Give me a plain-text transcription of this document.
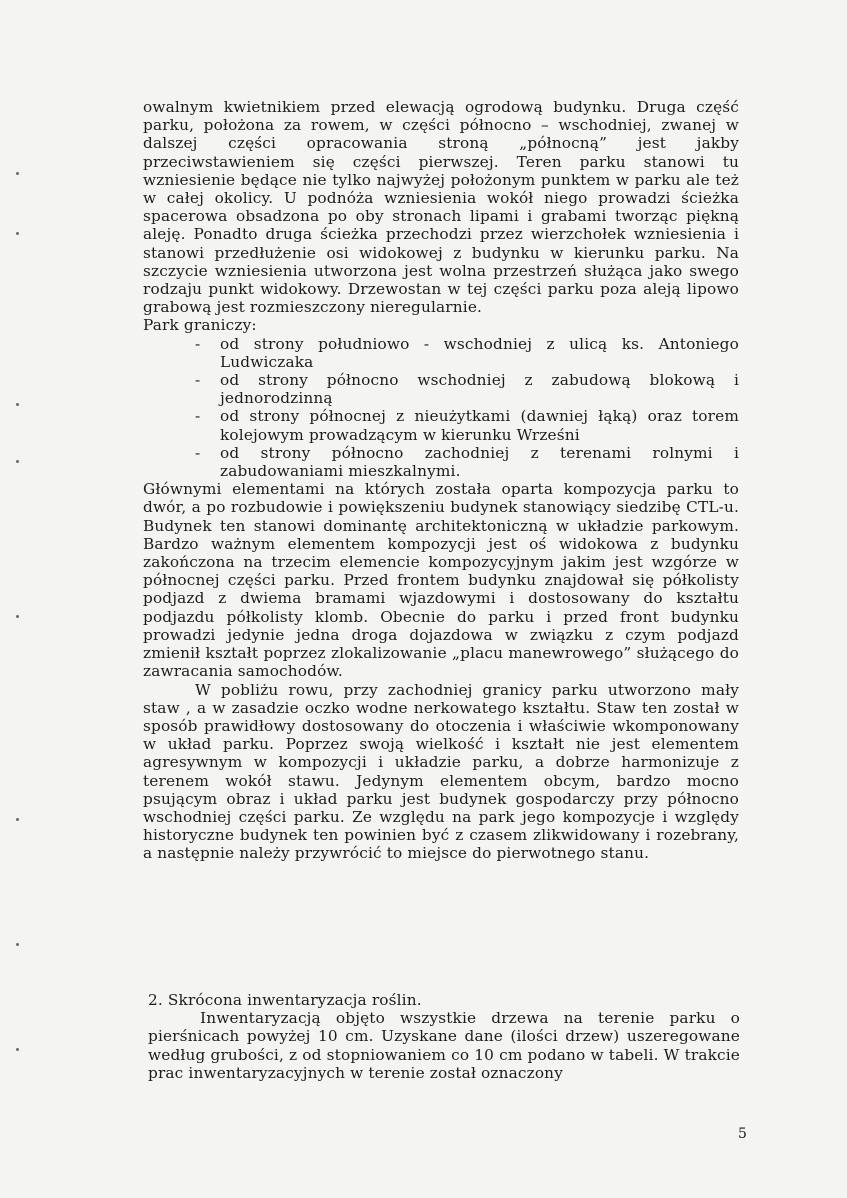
owalnym kwietnikiem przed elewacją ogrodową budynku. Druga część parku, położona za rowem, w części północno – wschodniej, zwanej w dalszej części opracowania stroną „północną” jest jakby przeciwstawieniem się części pierwszej. Teren parku stanowi tu wzniesienie będące nie tylko najwyżej położonym punktem w parku ale też w całej okolicy. U podnóża wzniesienia wokół niego prowadzi ścieżka spacerowa obsadzona po oby stronach lipami i grabami tworząc piękną aleję. Ponadto druga ścieżka przechodzi przez wierzchołek wzniesienia i stanowi przedłużenie osi widokowej z budynku w kierunku parku. Na szczycie wzniesienia utworzona jest wolna przestrzeń służąca jako swego rodzaju punkt widokowy. Drzewostan w tej części parku poza aleją lipowo grabową jest rozmieszczony nieregularnie.

Park graniczy:

- od strony południowo - wschodniej z ulicą ks. Antoniego Ludwiczaka
- od strony północno wschodniej z zabudową blokową i jednorodzinną
- od strony północnej z nieużytkami (dawniej łąką) oraz torem kolejowym prowadzącym w kierunku Wrześni
- od strony północno zachodniej z terenami rolnymi i zabudowaniami mieszkalnymi.

Głównymi elementami na których została oparta kompozycja parku to dwór, a po rozbudowie i powiększeniu budynek stanowiący siedzibę CTL-u. Budynek ten stanowi dominantę architektoniczną w układzie parkowym. Bardzo ważnym elementem kompozycji jest oś widokowa z budynku zakończona na trzecim elemencie kompozycyjnym jakim jest wzgórze w północnej części parku. Przed frontem budynku znajdował się półkolisty podjazd z dwiema bramami wjazdowymi i dostosowany do kształtu podjazdu półkolisty klomb. Obecnie do parku i przed front budynku prowadzi jedynie jedna droga dojazdowa w związku z czym podjazd zmienił kształt poprzez zlokalizowanie „placu manewrowego” służącego do zawracania samochodów.

W pobliżu rowu, przy zachodniej granicy parku utworzono mały staw , a w zasadzie oczko wodne nerkowatego kształtu. Staw ten został w sposób prawidłowy dostosowany do otoczenia i właściwie wkomponowany w układ parku. Poprzez swoją wielkość i kształt nie jest elementem agresywnym w kompozycji i układzie parku, a dobrze harmonizuje z terenem wokół stawu. Jedynym elementem obcym, bardzo mocno psującym obraz i układ parku jest budynek gospodarczy przy północno wschodniej części parku. Ze względu na park jego kompozycje i względy historyczne budynek ten powinien być z czasem zlikwidowany i rozebrany, a następnie należy przywrócić to miejsce do pierwotnego stanu.

2. Skrócona inwentaryzacja roślin.

Inwentaryzacją objęto wszystkie drzewa na terenie parku o pierśnicach powyżej 10 cm. Uzyskane dane (ilości drzew) uszeregowane według grubości, z od stopniowaniem co 10 cm podano w tabeli. W trakcie prac inwentaryzacyjnych w terenie został oznaczony

5
